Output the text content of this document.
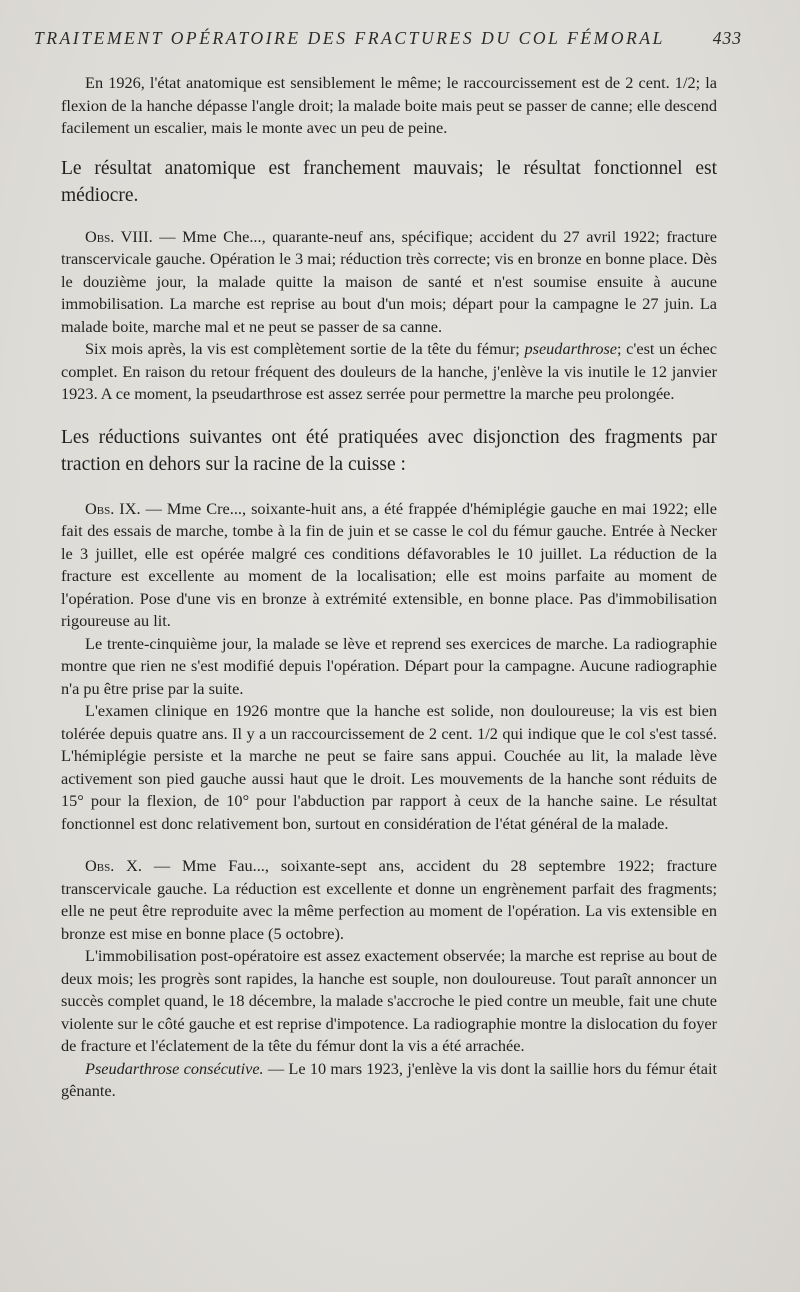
TRAITEMENT OPÉRATOIRE DES FRACTURES DU COL FÉMORAL	433

En 1926, l'état anatomique est sensiblement le même; le raccourcissement est de 2 cent. 1/2; la flexion de la hanche dépasse l'angle droit; la malade boite mais peut se passer de canne; elle descend facilement un escalier, mais le monte avec un peu de peine.

Le résultat anatomique est franchement mauvais; le résultat fonctionnel est médiocre.

Obs. VIII. — Mme Che..., quarante-neuf ans, spécifique; accident du 27 avril 1922; fracture transcervicale gauche. Opération le 3 mai; réduction très correcte; vis en bronze en bonne place. Dès le douzième jour, la malade quitte la maison de santé et n'est soumise ensuite à aucune immobilisation. La marche est reprise au bout d'un mois; départ pour la campagne le 27 juin. La malade boite, marche mal et ne peut se passer de sa canne.

Six mois après, la vis est complètement sortie de la tête du fémur; pseudarthrose; c'est un échec complet. En raison du retour fréquent des douleurs de la hanche, j'enlève la vis inutile le 12 janvier 1923. A ce moment, la pseudarthrose est assez serrée pour permettre la marche peu prolongée.

Les réductions suivantes ont été pratiquées avec disjonction des fragments par traction en dehors sur la racine de la cuisse :

Obs. IX. — Mme Cre..., soixante-huit ans, a été frappée d'hémiplégie gauche en mai 1922; elle fait des essais de marche, tombe à la fin de juin et se casse le col du fémur gauche. Entrée à Necker le 3 juillet, elle est opérée malgré ces conditions défavorables le 10 juillet. La réduction de la fracture est excellente au moment de la localisation; elle est moins parfaite au moment de l'opération. Pose d'une vis en bronze à extrémité extensible, en bonne place. Pas d'immobilisation rigoureuse au lit.

Le trente-cinquième jour, la malade se lève et reprend ses exercices de marche. La radiographie montre que rien ne s'est modifié depuis l'opération. Départ pour la campagne. Aucune radiographie n'a pu être prise par la suite.

L'examen clinique en 1926 montre que la hanche est solide, non douloureuse; la vis est bien tolérée depuis quatre ans. Il y a un raccourcissement de 2 cent. 1/2 qui indique que le col s'est tassé. L'hémiplégie persiste et la marche ne peut se faire sans appui. Couchée au lit, la malade lève activement son pied gauche aussi haut que le droit. Les mouvements de la hanche sont réduits de 15° pour la flexion, de 10° pour l'abduction par rapport à ceux de la hanche saine. Le résultat fonctionnel est donc relativement bon, surtout en considération de l'état général de la malade.

Obs. X. — Mme Fau..., soixante-sept ans, accident du 28 septembre 1922; fracture transcervicale gauche. La réduction est excellente et donne un engrènement parfait des fragments; elle ne peut être reproduite avec la même perfection au moment de l'opération. La vis extensible en bronze est mise en bonne place (5 octobre).

L'immobilisation post-opératoire est assez exactement observée; la marche est reprise au bout de deux mois; les progrès sont rapides, la hanche est souple, non douloureuse. Tout paraît annoncer un succès complet quand, le 18 décembre, la malade s'accroche le pied contre un meuble, fait une chute violente sur le côté gauche et est reprise d'impotence. La radiographie montre la dislocation du foyer de fracture et l'éclatement de la tête du fémur dont la vis a été arrachée.

Pseudarthrose consécutive. — Le 10 mars 1923, j'enlève la vis dont la saillie hors du fémur était gênante.
